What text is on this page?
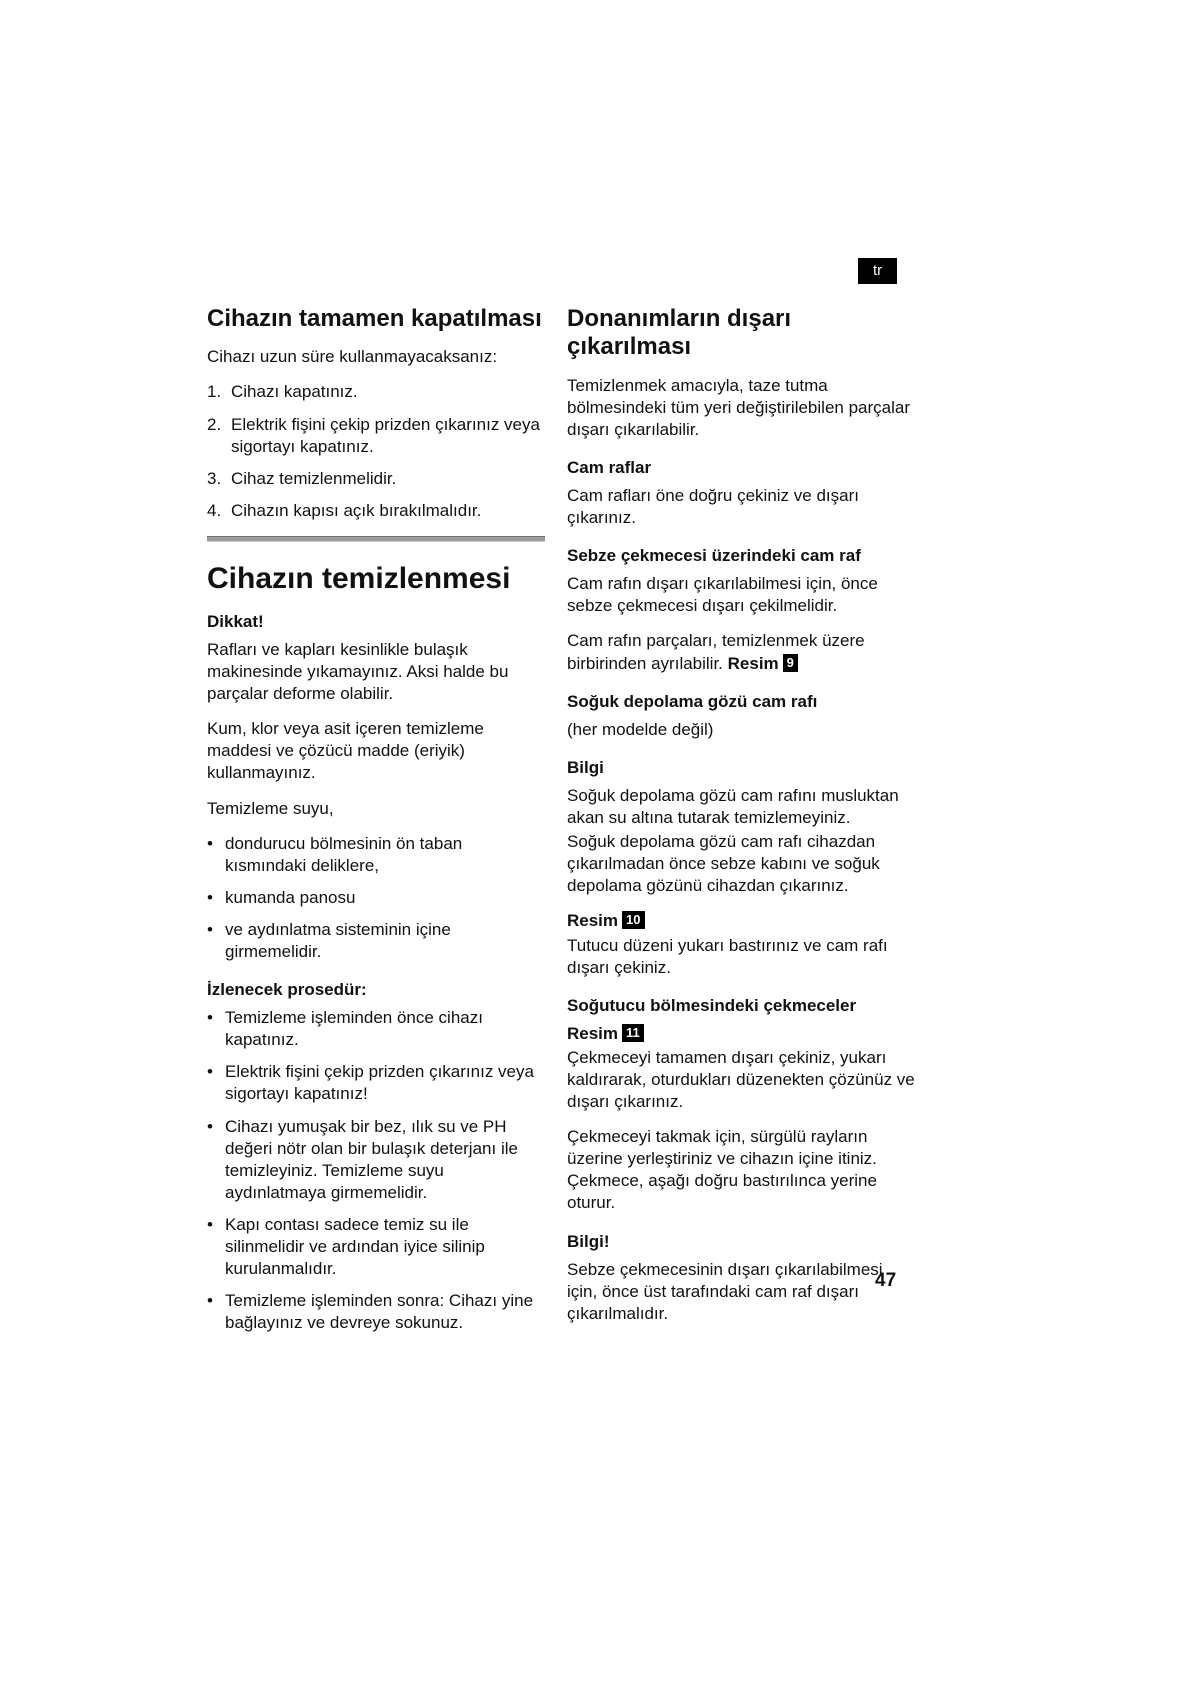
tr
Cihazın tamamen kapatılması

Cihazı uzun süre kullanmayacaksanız:

1. Cihazı kapatınız.
2. Elektrik fişini çekip prizden çıkarınız veya sigortayı kapatınız.
3. Cihaz temizlenmelidir.
4. Cihazın kapısı açık bırakılmalıdır.
Cihazın temizlenmesi
Dikkat!

Rafları ve kapları kesinlikle bulaşık makinesinde yıkamayınız. Aksi halde bu parçalar deforme olabilir.

Kum, klor veya asit içeren temizleme maddesi ve çözücü madde (eriyik) kullanmayınız.

Temizleme suyu,

•
dondurucu bölmesinin ön taban kısmındaki deliklere,
•
kumanda panosu
•
ve aydınlatma sisteminin içine girmemelidir.
İzlenecek prosedür:
•
Temizleme işleminden önce cihazı kapatınız.
•
Elektrik fişini çekip prizden çıkarınız veya sigortayı kapatınız!
•
Cihazı yumuşak bir bez, ılık su ve PH değeri nötr olan bir bulaşık deterjanı ile temizleyiniz. Temizleme suyu aydınlatmaya girmemelidir.
•
Kapı contası sadece temiz su ile silinmelidir ve ardından iyice silinip kurulanmalıdır.
•
Temizleme işleminden sonra: Cihazı yine bağlayınız ve devreye sokunuz.
Donanımların dışarı çıkarılması

Temizlenmek amacıyla, taze tutma bölmesindeki tüm yeri değiştirilebilen parçalar dışarı çıkarılabilir.

Cam raflar

Cam rafları öne doğru çekiniz ve dışarı çıkarınız.

Sebze çekmecesi üzerindeki cam raf

Cam rafın dışarı çıkarılabilmesi için, önce sebze çekmecesi dışarı çekilmelidir.

Cam rafın parçaları, temizlenmek üzere birbirinden ayrılabilir. Resim 9

Soğuk depolama gözü cam rafı

(her modelde değil)

Bilgi

Soğuk depolama gözü cam rafını musluktan akan su altına tutarak temizlemeyiniz.

Soğuk depolama gözü cam rafı cihazdan çıkarılmadan önce sebze kabını ve soğuk depolama gözünü cihazdan çıkarınız.

Resim 10

Tutucu düzeni yukarı bastırınız ve cam rafı dışarı çekiniz.

Soğutucu bölmesindeki çekmeceler
Resim 11

Çekmeceyi tamamen dışarı çekiniz, yukarı kaldırarak, oturdukları düzenekten çözünüz ve dışarı çıkarınız.

Çekmeceyi takmak için, sürgülü rayların üzerine yerleştiriniz ve cihazın içine itiniz. Çekmece, aşağı doğru bastırılınca yerine oturur.

Bilgi!

Sebze çekmecesinin dışarı çıkarılabilmesi için, önce üst tarafındaki cam raf dışarı çıkarılmalıdır.

47
